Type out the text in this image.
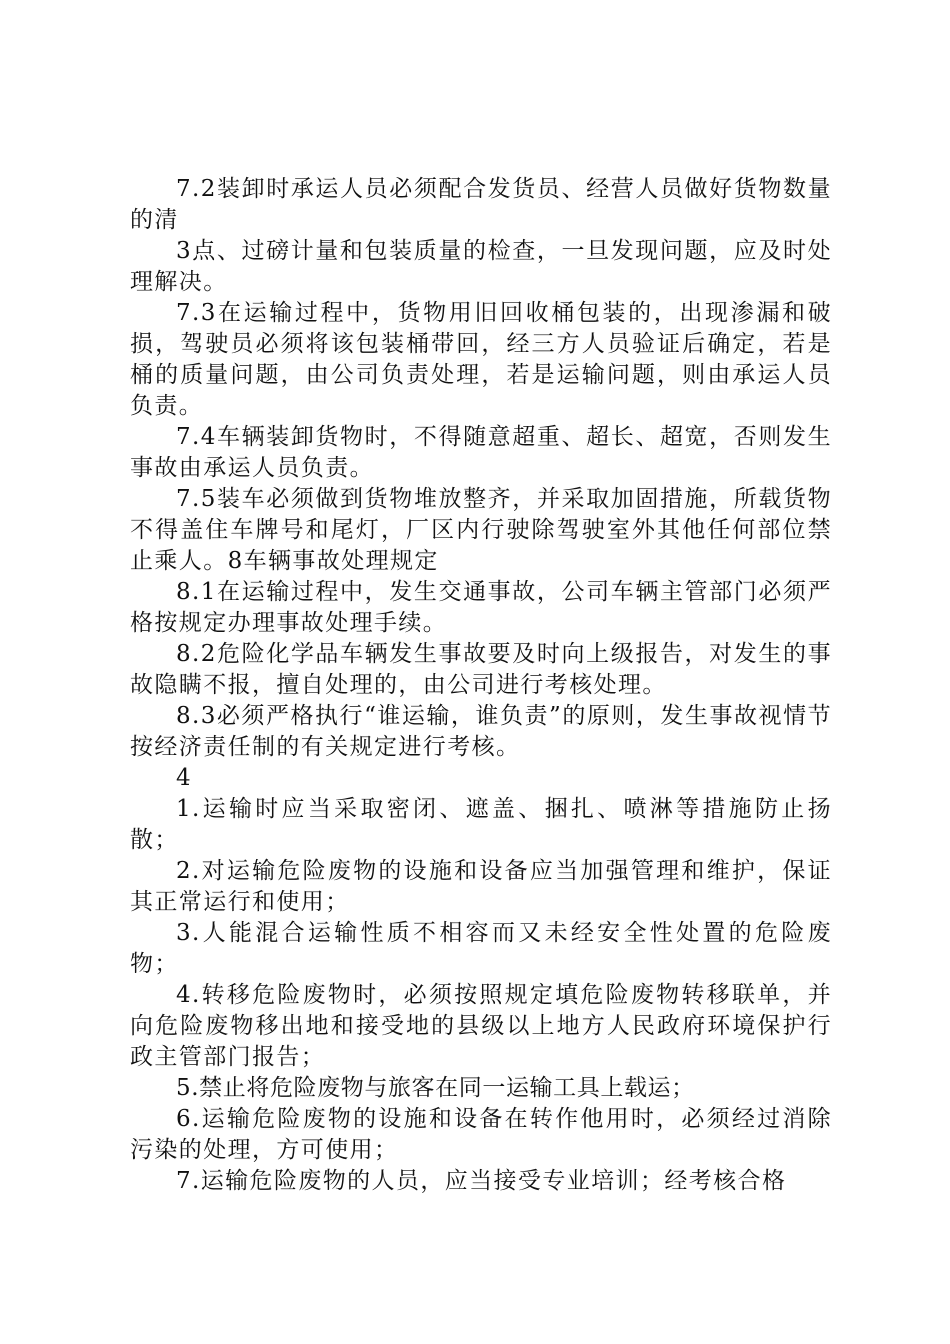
7.2装卸时承运人员必须配合发货员、经营人员做好货物数量的清

3点、过磅计量和包装质量的检查，一旦发现问题，应及时处理解决。

7.3在运输过程中，货物用旧回收桶包装的，出现渗漏和破损，驾驶员必须将该包装桶带回，经三方人员验证后确定，若是桶的质量问题，由公司负责处理，若是运输问题，则由承运人员负责。

7.4车辆装卸货物时，不得随意超重、超长、超宽，否则发生事故由承运人员负责。

7.5装车必须做到货物堆放整齐，并采取加固措施，所载货物不得盖住车牌号和尾灯，厂区内行驶除驾驶室外其他任何部位禁止乘人。8车辆事故处理规定

8.1在运输过程中，发生交通事故，公司车辆主管部门必须严格按规定办理事故处理手续。

8.2危险化学品车辆发生事故要及时向上级报告，对发生的事故隐瞒不报，擅自处理的，由公司进行考核处理。

8.3必须严格执行“谁运输，谁负责”的原则，发生事故视情节按经济责任制的有关规定进行考核。

4

1.运输时应当采取密闭、遮盖、捆扎、喷淋等措施防止扬散；

2.对运输危险废物的设施和设备应当加强管理和维护，保证其正常运行和使用；

3.人能混合运输性质不相容而又未经安全性处置的危险废物；

4.转移危险废物时，必须按照规定填危险废物转移联单，并向危险废物移出地和接受地的县级以上地方人民政府环境保护行政主管部门报告；

5.禁止将危险废物与旅客在同一运输工具上载运；

6.运输危险废物的设施和设备在转作他用时，必须经过消除污染的处理，方可使用；

7.运输危险废物的人员，应当接受专业培训；经考核合格
